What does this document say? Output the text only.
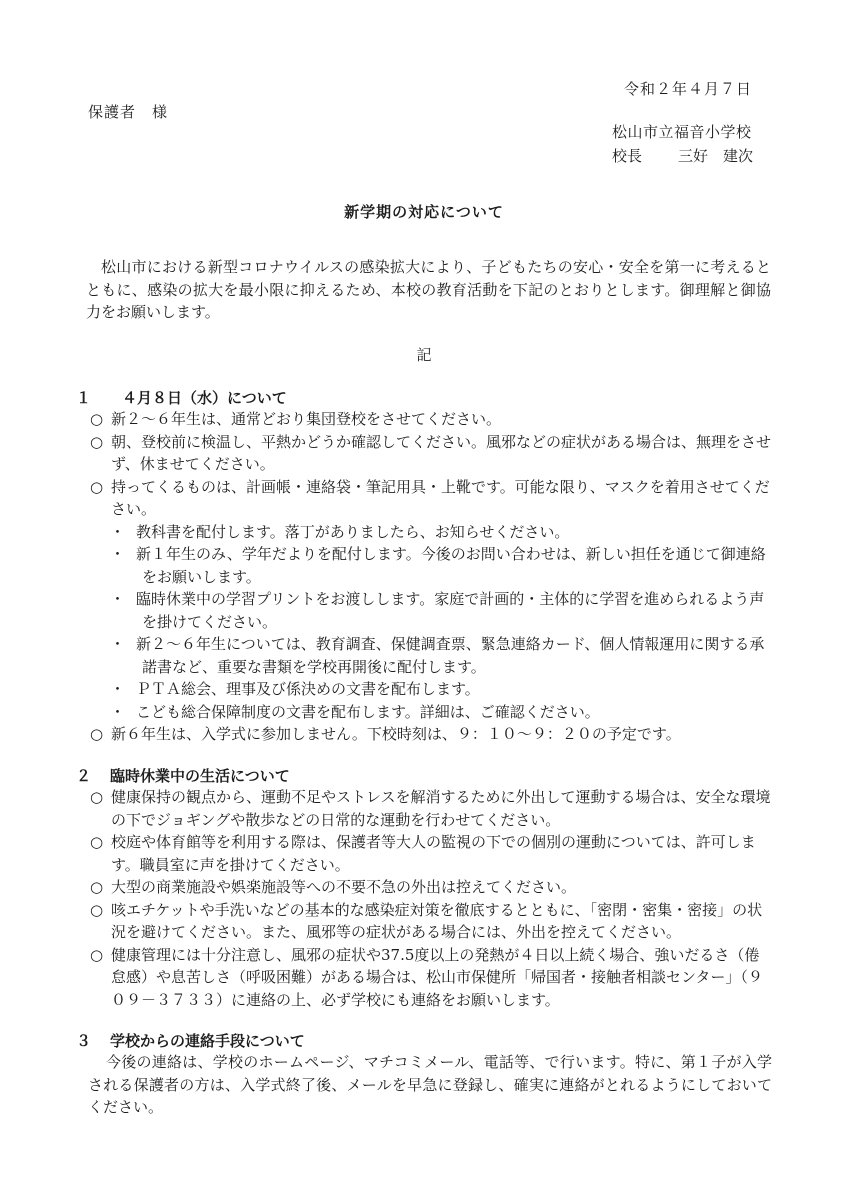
令和２年４月７日
保護者　様
松山市立福音小学校
校長 三好　建次
新学期の対応について
松山市における新型コロナウイルスの感染拡大により、子どもたちの安心・安全を第一に考えるとともに、感染の拡大を最小限に抑えるため、本校の教育活動を下記のとおりとします。御理解と御協力をお願いします。
記
１ ４月８日（水）について

○ 新２～６年生は、通常どおり集団登校をさせてください。

○ 朝、登校前に検温し、平熱かどうか確認してください。風邪などの症状がある場合は、無理をさせず、休ませてください。

○ 持ってくるものは、計画帳・連絡袋・筆記用具・上靴です。可能な限り、マスクを着用させてください。

・ 教科書を配付します。落丁がありましたら、お知らせください。

・ 新１年生のみ、学年だよりを配付します。今後のお問い合わせは、新しい担任を通じて御連絡をお願いします。

・ 臨時休業中の学習プリントをお渡しします。家庭で計画的・主体的に学習を進められるよう声を掛けてください。

・ 新２～６年生については、教育調査、保健調査票、緊急連絡カード、個人情報運用に関する承諾書など、重要な書類を学校再開後に配付します。

・ ＰＴＡ総会、理事及び係決めの文書を配布します。

・ こども総合保障制度の文書を配布します。詳細は、ご確認ください。

○ 新６年生は、入学式に参加しません。下校時刻は、９：１０～９：２０の予定です。

２ 臨時休業中の生活について

○ 健康保持の観点から、運動不足やストレスを解消するために外出して運動する場合は、安全な環境の下でジョギングや散歩などの日常的な運動を行わせてください。

○ 校庭や体育館等を利用する際は、保護者等大人の監視の下での個別の運動については、許可します。職員室に声を掛けてください。

○ 大型の商業施設や娯楽施設等への不要不急の外出は控えてください。

○ 咳エチケットや手洗いなどの基本的な感染症対策を徹底するとともに、「密閉・密集・密接」の状況を避けてください。また、風邪等の症状がある場合には、外出を控えてください。

○ 健康管理には十分注意し、風邪の症状や37.5度以上の発熱が４日以上続く場合、強いだるさ（倦怠感）や息苦しさ（呼吸困難）がある場合は、松山市保健所「帰国者・接触者相談センター」（９０９－３７３３）に連絡の上、必ず学校にも連絡をお願いします。

３ 学校からの連絡手段について
今後の連絡は、学校のホームページ、マチコミメール、電話等、で行います。特に、第１子が入学される保護者の方は、入学式終了後、メールを早急に登録し、確実に連絡がとれるようにしておいてください。
